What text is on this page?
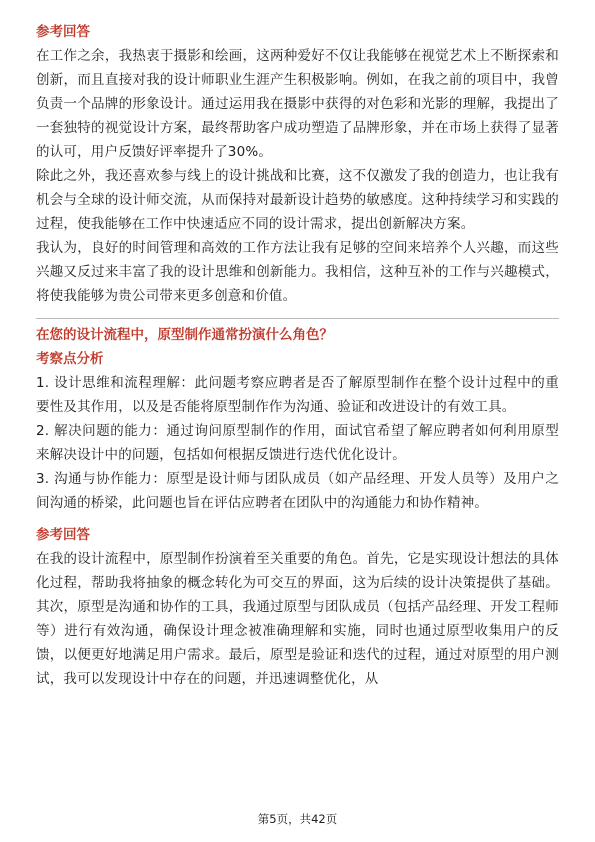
参考回答

在工作之余，我热衷于摄影和绘画，这两种爱好不仅让我能够在视觉艺术上不断探索和创新，而且直接对我的设计师职业生涯产生积极影响。例如，在我之前的项目中，我曾负责一个品牌的形象设计。通过运用我在摄影中获得的对色彩和光影的理解，我提出了一套独特的视觉设计方案，最终帮助客户成功塑造了品牌形象，并在市场上获得了显著的认可，用户反馈好评率提升了30%。

除此之外，我还喜欢参与线上的设计挑战和比赛，这不仅激发了我的创造力，也让我有机会与全球的设计师交流，从而保持对最新设计趋势的敏感度。这种持续学习和实践的过程，使我能够在工作中快速适应不同的设计需求，提出创新解决方案。

我认为，良好的时间管理和高效的工作方法让我有足够的空间来培养个人兴趣，而这些兴趣又反过来丰富了我的设计思维和创新能力。我相信，这种互补的工作与兴趣模式，将使我能够为贵公司带来更多创意和价值。

在您的设计流程中，原型制作通常扮演什么角色？
考察点分析

1. 设计思维和流程理解：此问题考察应聘者是否了解原型制作在整个设计过程中的重要性及其作用，以及是否能将原型制作作为沟通、验证和改进设计的有效工具。

2. 解决问题的能力：通过询问原型制作的作用，面试官希望了解应聘者如何利用原型来解决设计中的问题，包括如何根据反馈进行迭代优化设计。

3. 沟通与协作能力：原型是设计师与团队成员（如产品经理、开发人员等）及用户之间沟通的桥梁，此问题也旨在评估应聘者在团队中的沟通能力和协作精神。

参考回答

在我的设计流程中，原型制作扮演着至关重要的角色。首先，它是实现设计想法的具体化过程，帮助我将抽象的概念转化为可交互的界面，这为后续的设计决策提供了基础。其次，原型是沟通和协作的工具，我通过原型与团队成员（包括产品经理、开发工程师等）进行有效沟通，确保设计理念被准确理解和实施，同时也通过原型收集用户的反馈，以便更好地满足用户需求。最后，原型是验证和迭代的过程，通过对原型的用户测试，我可以发现设计中存在的问题，并迅速调整优化，从

第5页，共42页
